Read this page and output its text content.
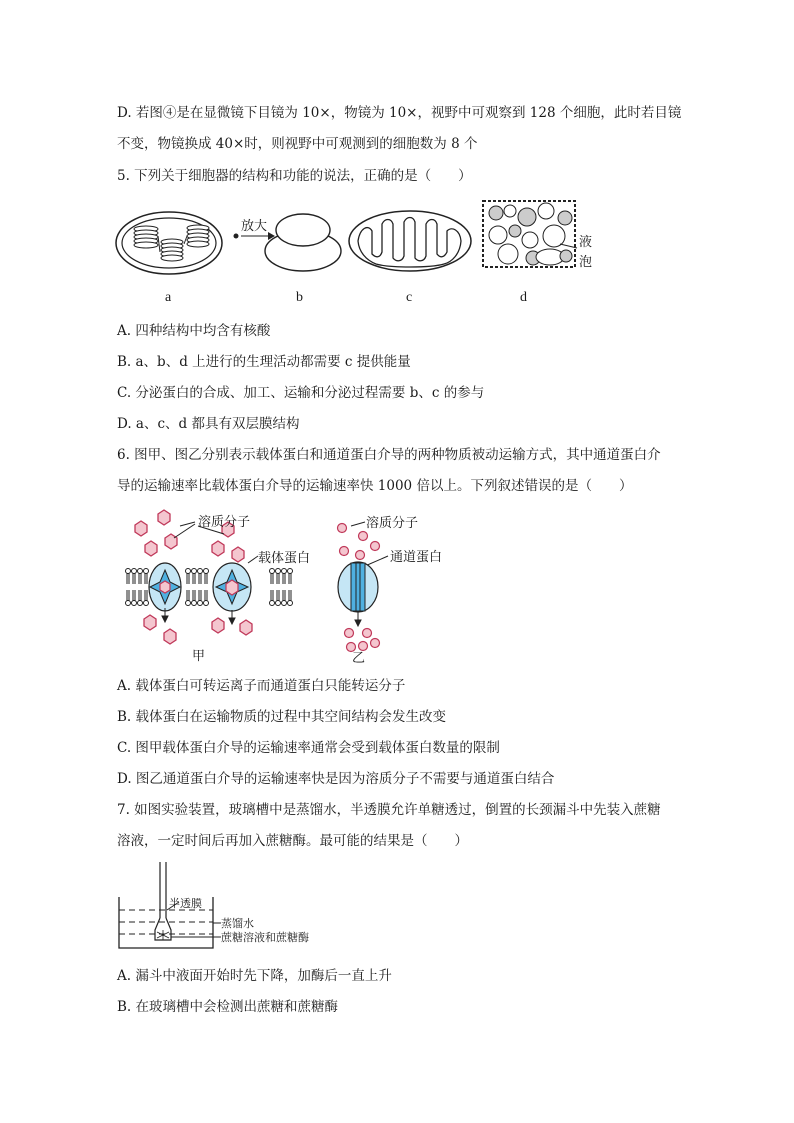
D. 若图④是在显微镜下目镜为 10×，物镜为 10×，视野中可观察到 128 个细胞，此时若目镜
不变，物镜换成 40×时，则视野中可观测到的细胞数为 8 个
5. 下列关于细胞器的结构和功能的说法，正确的是（　　）
a
放大
b	c
液
泡
d
A. 四种结构中均含有核酸
B. a、b、d 上进行的生理活动都需要 c 提供能量
C. 分泌蛋白的合成、加工、运输和分泌过程需要 b、c 的参与
D. a、c、d 都具有双层膜结构
6. 图甲、图乙分别表示载体蛋白和通道蛋白介导的两种物质被动运输方式，其中通道蛋白介
导的运输速率比载体蛋白介导的运输速率快 1000 倍以上。下列叙述错误的是（　　）
溶质分子
载体蛋白
甲
溶质分子
通道蛋白
乙
A. 载体蛋白可转运离子而通道蛋白只能转运分子
B. 载体蛋白在运输物质的过程中其空间结构会发生改变
C. 图甲载体蛋白介导的运输速率通常会受到载体蛋白数量的限制
D. 图乙通道蛋白介导的运输速率快是因为溶质分子不需要与通道蛋白结合
7. 如图实验装置，玻璃槽中是蒸馏水，半透膜允许单糖透过，倒置的长颈漏斗中先装入蔗糖
溶液，一定时间后再加入蔗糖酶。最可能的结果是（　　）
半透膜
蒸馏水
蔗糖溶液和蔗糖酶
A. 漏斗中液面开始时先下降，加酶后一直上升
B. 在玻璃槽中会检测出蔗糖和蔗糖酶
